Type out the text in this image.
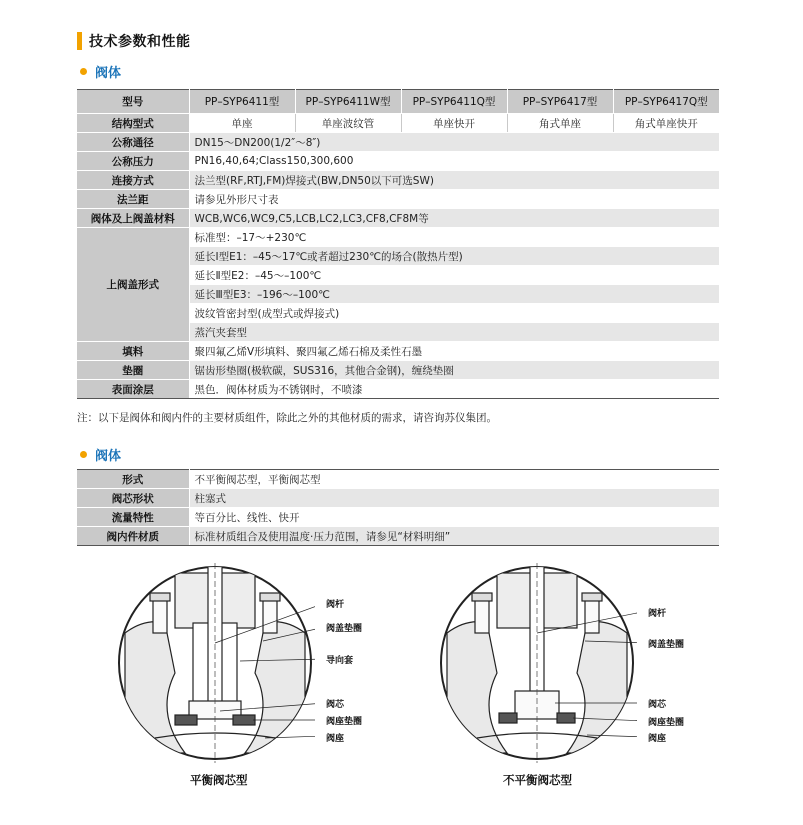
技术参数和性能
阀体
型号	PP–SYP6411型	PP–SYP6411W型	PP–SYP6411Q型	PP–SYP6417型	PP–SYP6417Q型
结构型式	单座	单座波纹管	单座快开	角式单座	角式单座快开
公称通径	DN15～DN200(1/2″～8″)				
公称压力	PN16,40,64;Class150,300,600				
连接方式	法兰型(RF,RTJ,FM)焊接式(BW,DN50以下可选SW)				
法兰距	请参见外形尺寸表				
阀体及上阀盖材料	WCB,WC6,WC9,C5,LCB,LC2,LC3,CF8,CF8M等				
上阀盖形式	标准型：–17～+230℃				
	延长Ⅰ型E1：–45～17℃或者超过230℃的场合(散热片型)				
	延长Ⅱ型E2：–45～–100℃				
	延长Ⅲ型E3：–196～–100℃				
	波纹管密封型(成型式或焊接式)				
	蒸汽夹套型				
填料	聚四氟乙烯V形填料、聚四氟乙烯石棉及柔性石墨				
垫圈	锯齿形垫圈(极软碳，SUS316，其他合金钢)，缠绕垫圈				
表面涂层	黑色．阀体材质为不锈钢时，不喷漆				
注：以下是阀体和阀内件的主要材质组件，除此之外的其他材质的需求，请咨询苏仪集团。
阀体
形式	不平衡阀芯型，平衡阀芯型
阀芯形状	柱塞式
流量特性	等百分比、线性、快开
阀内件材质	标准材质组合及使用温度·压力范围，请参见“材料明细”
阀杆
阀盖垫圈
导向套
阀芯
阀座垫圈
阀座
平衡阀芯型
阀杆
阀盖垫圈
阀芯
阀座垫圈
阀座
不平衡阀芯型
